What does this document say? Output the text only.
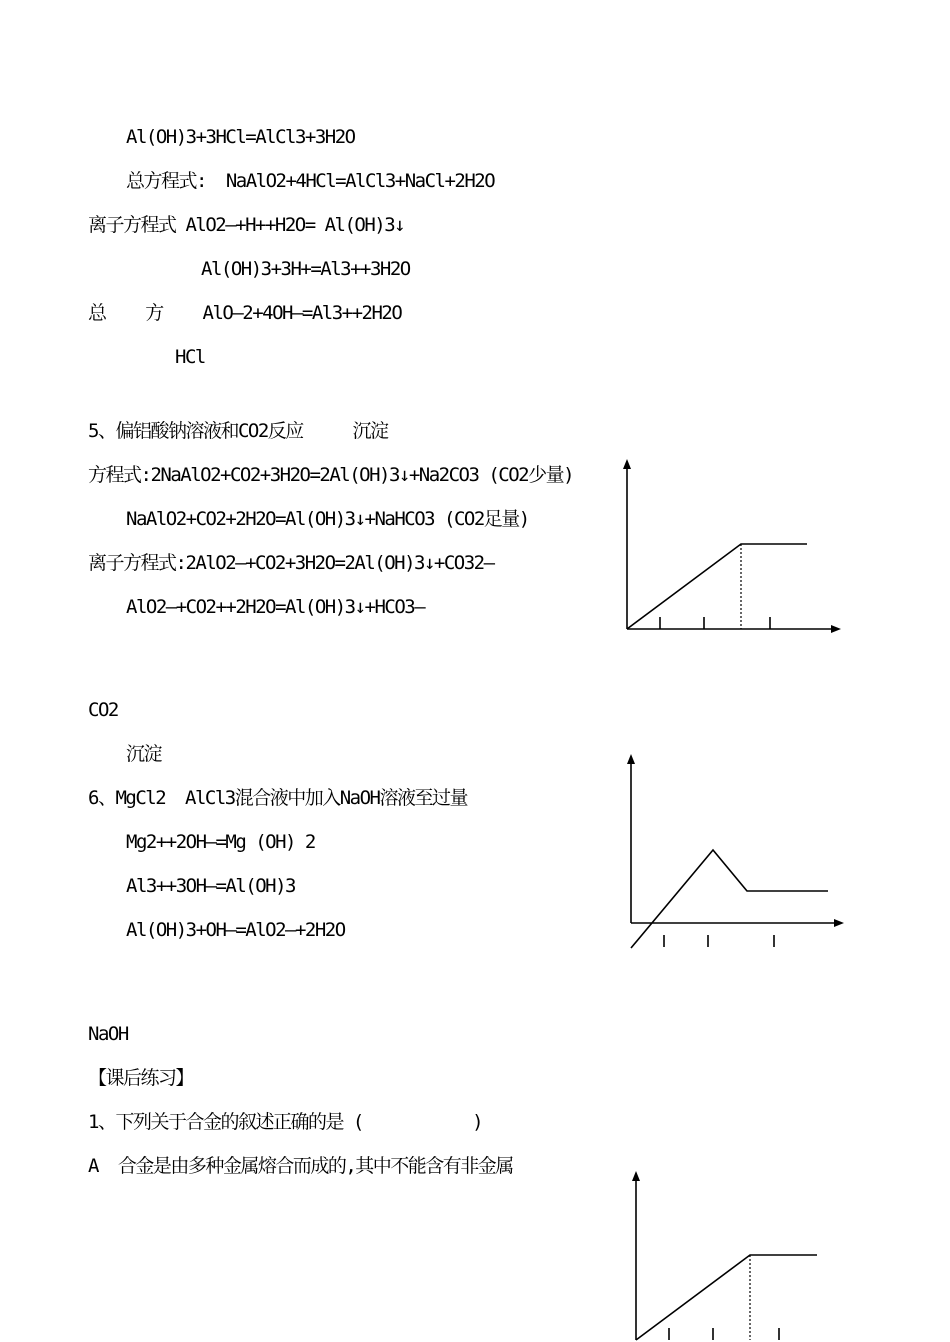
Al(OH)3+3HCl=AlCl3+3H2O
总方程式:  NaAlO2+4HCl=AlCl3+NaCl+2H2O
离子方程式 AlO2—+H++H2O= Al(OH)3↓
Al(OH)3+3H+=Al3++3H2O
总    方    AlO—2+4OH—=Al3++2H2O
HCl
5、偏铝酸钠溶液和CO2反应     沉淀
方程式:2NaAlO2+CO2+3H2O=2Al(OH)3↓+Na2CO3 (CO2少量)
NaAlO2+CO2+2H2O=Al(OH)3↓+NaHCO3 (CO2足量)
离子方程式:2AlO2—+CO2+3H2O=2Al(OH)3↓+CO32—
AlO2—+CO2++2H2O=Al(OH)3↓+HCO3—
CO2
沉淀
6、MgCl2  AlCl3混合液中加入NaOH溶液至过量
Mg2++2OH—=Mg (OH) 2
Al3++3OH—=Al(OH)3
Al(OH)3+OH—=AlO2—+2H2O
NaOH
【课后练习】
1、下列关于合金的叙述正确的是 (           )
A  合金是由多种金属熔合而成的,其中不能含有非金属
